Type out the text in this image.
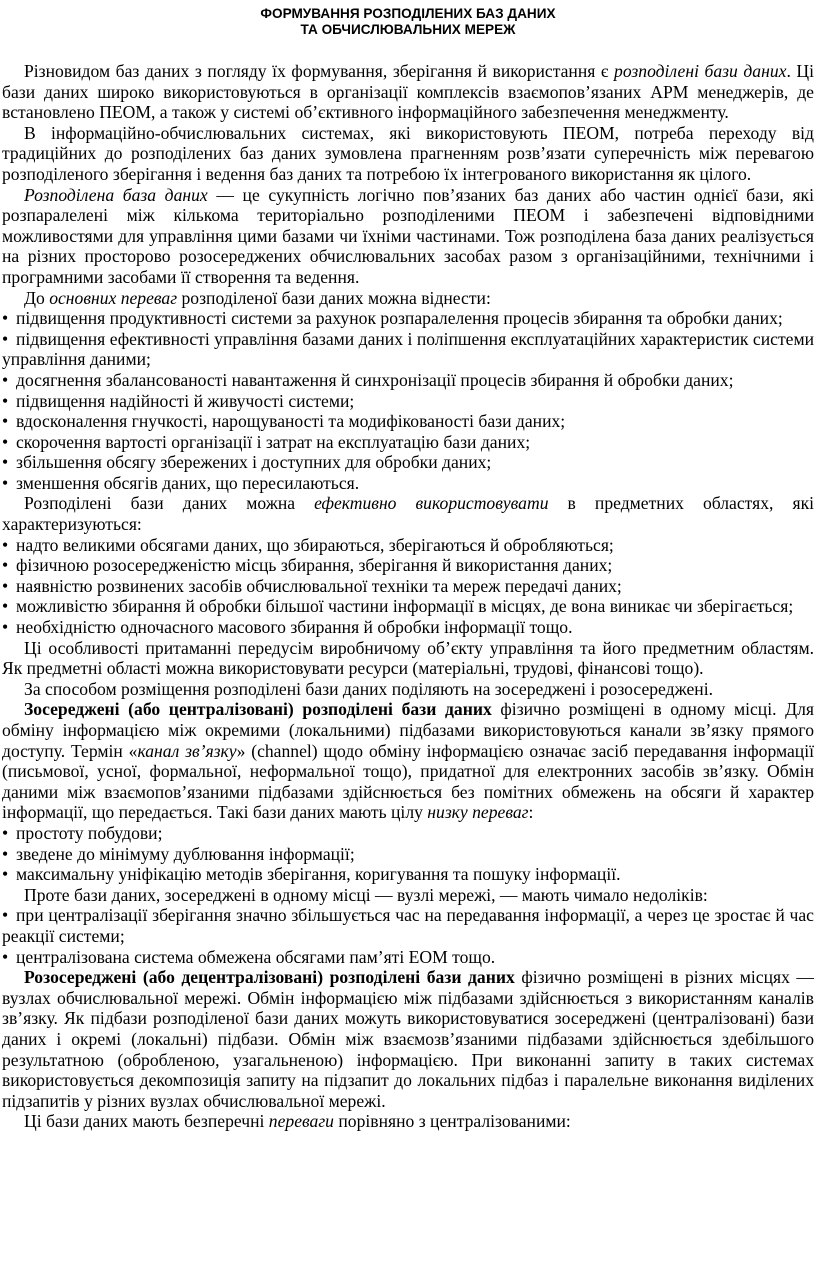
ФОРМУВАННЯ РОЗПОДІЛЕНИХ БАЗ ДАНИХ
ТА ОБЧИСЛЮВАЛЬНИХ МЕРЕЖ

Різновидом баз даних з погляду їх формування, зберігання й використання є розподілені бази даних. Ці бази даних широко використовуються в організації комплексів взаємопов’язаних АРМ менеджерів, де встановлено ПЕОМ, а також у системі об’єктивного інформаційного забезпечення менеджменту.

В інформаційно-обчислювальних системах, які використовують ПЕОМ, потреба переходу від традиційних до розподілених баз даних зумовлена прагненням розв’язати суперечність між перевагою розподіленого зберігання і ведення баз даних та потребою їх інтегрованого використання як цілого.

Розподілена база даних — це сукупність логічно пов’язаних баз даних або частин однієї бази, які розпаралелені між кількома територіально розподіленими ПЕОМ і забезпечені відповідними можливостями для управління цими базами чи їхніми частинами. Тож розподілена база даних реалізується на різних просторово розосереджених обчислювальних засобах разом з організаційними, технічними і програмними засобами її створення та ведення.

До основних переваг розподіленої бази даних можна віднести:

• підвищення продуктивності системи за рахунок розпаралелення процесів збирання та обробки даних;
• підвищення ефективності управління базами даних і поліпшення експлуатаційних характеристик системи управління даними;
• досягнення збалансованості навантаження й синхронізації процесів збирання й обробки даних;
• підвищення надійності й живучості системи;
• вдосконалення гнучкості, нарощуваності та модифікованості бази даних;
• скорочення вартості організації і затрат на експлуатацію бази даних;
• збільшення обсягу збережених і доступних для обробки даних;
• зменшення обсягів даних, що пересилаються.

Розподілені бази даних можна ефективно використовувати в предметних областях, які характеризуються:

• надто великими обсягами даних, що збираються, зберігаються й обробляються;
• фізичною розосередженістю місць збирання, зберігання й використання даних;
• наявністю розвинених засобів обчислювальної техніки та мереж передачі даних;
• можливістю збирання й обробки більшої частини інформації в місцях, де вона виникає чи зберігається;
• необхідністю одночасного масового збирання й обробки інформації тощо.

Ці особливості притаманні передусім виробничому об’єкту управління та його предметним областям. Як предметні області можна використовувати ресурси (матеріальні, трудові, фінансові тощо).

За способом розміщення розподілені бази даних поділяють на зосереджені і розосереджені.

Зосереджені (або централізовані) розподілені бази даних фізично розміщені в одному місці. Для обміну інформацією між окремими (локальними) підбазами використовуються канали зв’язку прямого доступу. Термін «канал зв’язку» (channel) щодо обміну інформацією означає засіб передавання інформації (письмової, усної, формальної, неформальної тощо), придатної для електронних засобів зв’язку. Обмін даними між взаємопов’язаними підбазами здійснюється без помітних обмежень на обсяги й характер інформації, що передається. Такі бази даних мають цілу низку переваг:

• простоту побудови;
• зведене до мінімуму дублювання інформації;
• максимальну уніфікацію методів зберігання, коригування та пошуку інформації.

Проте бази даних, зосереджені в одному місці — вузлі мережі, — мають чимало недоліків:

• при централізації зберігання значно збільшується час на передавання інформації, а через це зростає й час реакції системи;
• централізована система обмежена обсягами пам’яті ЕОМ тощо.

Розосереджені (або децентралізовані) розподілені бази даних фізично розміщені в різних місцях — вузлах обчислювальної мережі. Обмін інформацією між підбазами здійснюється з використанням каналів зв’язку. Як підбази розподіленої бази даних можуть використовуватися зосереджені (централізовані) бази даних і окремі (локальні) підбази. Обмін між взаємозв’язаними підбазами здійснюється здебільшого результатною (обробленою, узагальненою) інформацією. При виконанні запиту в таких системах використовується декомпозиція запиту на підзапит до локальних підбаз і паралельне виконання виділених підзапитів у різних вузлах обчислювальної мережі.

Ці бази даних мають безперечні переваги порівняно з централізованими:
